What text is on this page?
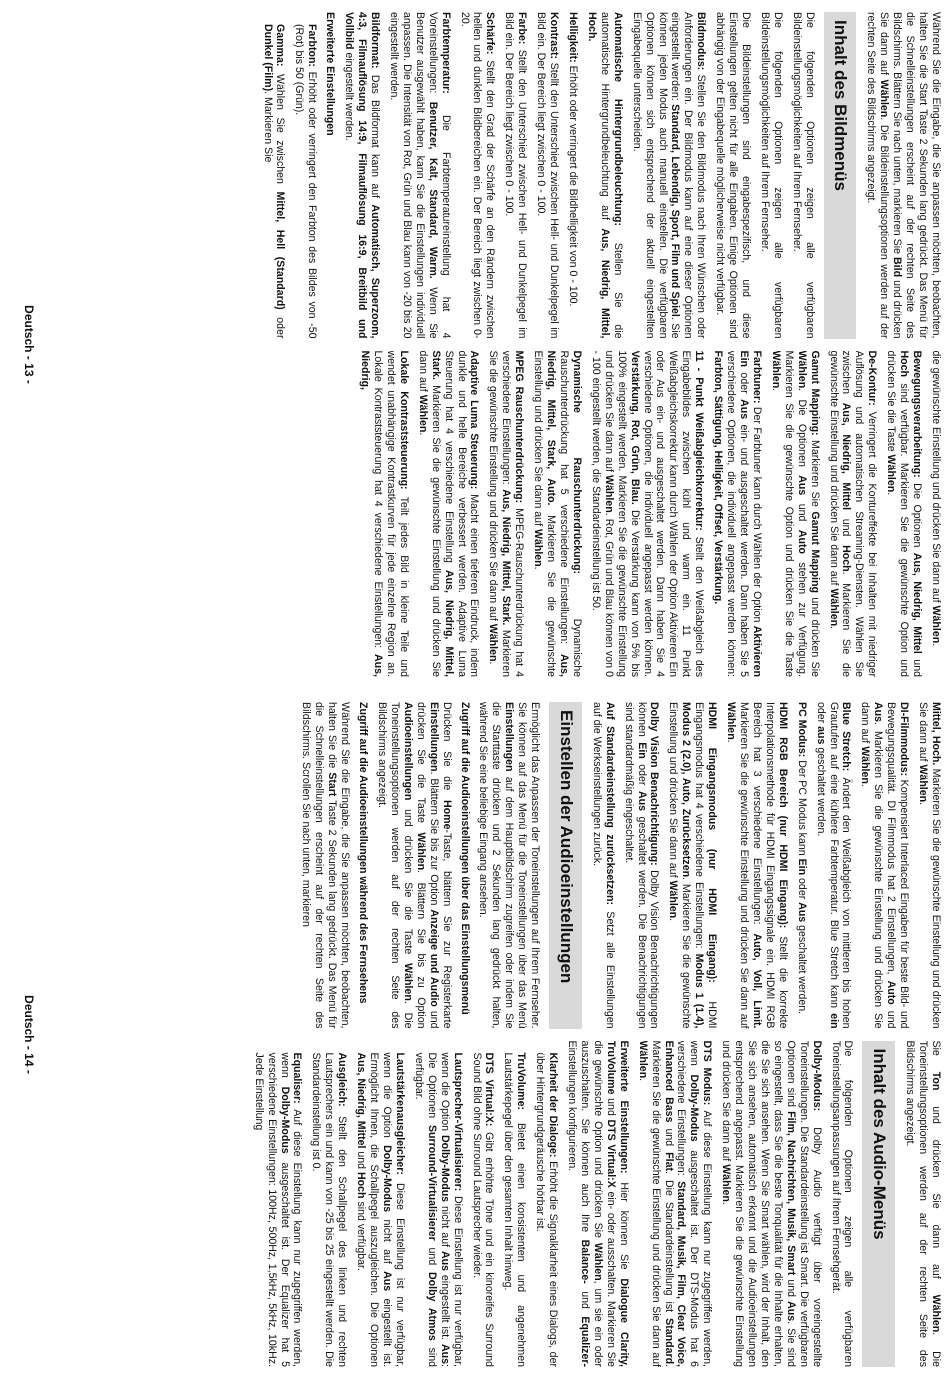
Während Sie die Eingabe, die Sie anpassen möchten, beobachten, halten Sie die Start Taste 2 Sekunden lang gedrückt. Das Menü für die Schnelleinstellungen erscheint auf der rechten Seite des Bildschirms. Blättern Sie nach unten, markieren Sie Bild und drücken Sie dann auf Wählen. Die Bildeinstellungsoptionen werden auf der rechten Seite des Bildschirms angezeigt.

Inhalt des Bildmenüs

Die folgenden Optionen zeigen alle verfügbaren Bildeinstellungsmöglichkeiten auf Ihrem Fernseher.

Die folgenden Optionen zeigen alle verfügbaren Bildeinstellungsmöglichkeiten auf Ihrem Fernseher.

Die Bildeinstellungen sind eingabespezifisch, und diese Einstellungen gelten nicht für alle Eingaben. Einige Optionen sind abhängig von der Eingabequelle möglicherweise nicht verfügbar.

Bildmodus: Stellen Sie den Bildmodus nach Ihren Wünschen oder Anforderungen ein. Der Bildmodus kann auf eine dieser Optionen eingestellt werden: Standard, Lebendig, Sport, Film und Spiel. Sie können jeden Modus auch manuell einstellen. Die verfügbaren Optionen können sich entsprechend der aktuell eingestellten Eingabequelle unterscheiden.

Automatische Hintergrundbeleuchtung: Stellen Sie die automatische Hintergrundbeleuchtung auf Aus, Niedrig, Mittel, Hoch.

Helligkeit: Erhöht oder verringert die Bildhelligkeit von 0 - 100.

Kontrast: Stellt den Unterschied zwischen Hell- und Dunkelpegel im Bild ein. Der Bereich liegt zwischen 0 - 100.

Farbe: Stellt den Unterschied zwischen Hell- und Dunkelpegel im Bild ein. Der Bereich liegt zwischen 0 - 100.

Schärfe: Stellt den Grad der Schärfe an den Rändern zwischen hellen und dunklen Bildbereichen ein. Der Bereich liegt zwischen 0- 20.

Farbtemperatur: Die Farbtemperatureinstellung hat 4 Voreinstellungen: Benutzer, Kalt, Standard, Warm. Wenn Sie Benutzer ausgewählt haben, kann Sie die Einstellungen individuell anpassen. Die Intensität von Rot, Grün und Blau kann von -20 bis 20 eingestellt werden.

Bildformat: Das Bildformat kann auf Automatisch, Superzoom, 4:3, Filmauflösung 14:9, Filmauflösung 16:9, Breitbild und Vollbild eingestellt werden.

Erweiterte Einstellungen

Farbton: Erhöht oder verringert den Farbton des Bildes von -50 (Rot) bis 50 (Grün).

Gamma: Wählen Sie zwischen Mittel, Hell (Standard) oder Dunkel (Film). Markieren Sie

die gewünschte Einstellung und drücken Sie dann auf Wählen.

Bewegungsverarbeitung: Die Optionen Aus, Niedrig, Mittel und Hoch sind verfügbar. Markieren Sie die gewünschte Option und drücken Sie die Taste Wählen.

De-Kontur: Verringert die Kontureffekte bei Inhalten mit niedriger Auflösung und automatischen Streaming-Diensten. Wählen Sie zwischen Aus, Niedrig, Mittel und Hoch. Markieren Sie die gewünschte Einstellung und drücken Sie dann auf Wählen.

Gamut Mapping: Markieren Sie Gamut Mapping und drücken Sie Wählen. Die Optionen Aus und Auto stehen zur Verfügung. Markieren Sie die gewünschte Option und drücken Sie die Taste Wählen.

Farbtuner: Der Farbtuner kann durch Wählen der Option Aktivieren Ein oder Aus ein- und ausgeschaltet werden. Dann haben Sie 5 verschiedene Optionen, die individuell angepasst werden können: Farbton, Sättigung, Helligkeit, Offset, Verstärkung.

11 - Punkt Weißabgleichkorrektur: Stellt den Weißabgleich des Eingabebildes zwischen kühl und warm ein. 11 Punkt Weißabgleichskorrektur kann durch Wählen der Option Aktivieren Ein oder Aus ein- und ausgeschaltet werden. Dann haben Sie 4 verschiedene Optionen, die individuell angepasst werden können. Verstärkung, Rot, Grün, Blau. Die Verstärkung kann von 5% bis 100% eingestellt werden. Markieren Sie die gewünschte Einstellung und drücken Sie dann auf Wählen. Rot, Grün und Blau können von 0 - 100 eingestellt werden, die Standardeinstellung ist 50.

Dynamische Rauschunterdrückung: Dynamische Rauschunterdrückung hat 5 verschiedene Einstellungen: Aus, Niedrig, Mittel, Stark, Auto. Markieren Sie die gewünschte Einstellung und drücken Sie dann auf Wählen.

MPEG Rauschunterdrückung: MPEG-Rauschunterdrückung hat 4 verschiedene Einstellungen: Aus, Niedrig, Mittel, Stark. Markieren Sie die gewünschte Einstellung und drücken Sie dann auf Wählen.

Adaptive Luma Steuerung: Macht einen tieferen Eindruck, indem dunkle und helle Bereiche verbessert werden. Adaptive Luma Steuerung hat 4 verschiedene Einstellung Aus, Niedrig, Mittel, Stark. Markieren Sie die gewünschte Einstellung und drücken Sie dann auf Wählen.

Lokale Kontraststeuerung: Teilt jedes Bild in kleine Teile und wendet unabhängige Kontrastkurven für jede einzelne Region an. Lokale Kontraststeuerung hat 4 verschiedene Einstellungen: Aus, Niedrig,

Deutsch - 13 -

Mittel, Hoch. Markieren Sie die gewünschte Einstellung und drücken Sie dann auf Wählen.

DI-Filmmodus: Kompensiert Interlaced Eingaben für beste Bild- und Bewegungsqualität. DI Filmmodus hat 2 Einstellungen, Auto und Aus. Markieren Sie die gewünschte Einstellung und drücken Sie dann auf Wählen.

Blue Stretch: Ändert den Weißabgleich von mittleren bis hohen Grautufen auf eine kühlere Farbtemperatur. Blue Stretch kann ein oder aus geschaltet werden.

PC Modus: Der PC Modus kann Ein oder Aus geschaltet werden.

HDMI RGB Bereich (nur HDMI Eingang): Stellt die korrekte Interpolationsmethode für HDMI Eingangssignale ein. HDMI RGB Bereich hat 3 verschiedene Einstellungen: Auto, Voll, Limit. Markieren Sie die gewünschte Einstellung und drücken Sie dann auf Wählen.

HDMI Eingangsmodus (nur HDMI Eingang): HDMI Eingangsmodus hat 4 verschiedene Einstellungen: Modus 1 (1.4), Modus 2 (2.0), Auto, Zurücksetzen. Markieren Sie die gewünschte Einstellung und drücken Sie dann auf Wählen.

Dolby Vision Benachrichtigung: Dolby Vision Benachrichtigungen können Ein oder Aus geschaltet werden. Die Benachrichtigungen sind standardmäßig eingeschaltet.

Auf Standardeinstellung zurücksetzen: Setzt alle Einstellungen auf die Werkseinstellungen zurück.

Einstellen der Audioeinstellungen

Ermöglicht das Anpassen der Toneinstellungen auf Ihrem Fernseher. Sie können auf das Menü für die Toneinstellungen über das Menü Einstellungen auf dem Hauptbildschirm zugreifen oder indem Sie die Starttaste drücken und 2 Sekunden lang gedrückt halten, während Sie eine beliebige Eingang ansehen.

Zugriff auf die Audioeinstellungen über das Einstellungsmenü

Drücken Sie die Home-Taste, blättern Sie zur Registerkarte Einstellungen. Blättern Sie bis zur Option Anzeige und Audio und drücken Sie die Taste Wählen. Blättern Sie bis zu Option Audioeinstellungen und drücken Sie die Taste Wählen. Die Toneinstellungsoptionen werden auf der rechten Seite des Bildschirms angezeigt.

Zugriff auf die Audioeinstellungen während des Fernsehens

Während Sie die Eingabe, die Sie anpassen möchten, beobachten, halten Sie die Start Taste 2 Sekunden lang gedrückt. Das Menü für die Schnelleinstellungen erscheint auf der rechten Seite des Bildschirms. Scrollen Sie nach unten, markieren

Sie Ton und drücken Sie dann auf Wählen. Die Toneinstellungsoptionen werden auf der rechten Seite des Bildschirms angezeigt.

Inhalt des Audio-Menüs

Die folgenden Optionen zeigen alle verfügbaren Toneinstellungsanpassungen auf Ihrem Fernsehgerät.

Dolby-Modus: Dolby Audio verfügt über voreingestellte Toneinstellungen. Die Standardeinstellung ist Smart. Die verfügbaren Optionen sind Film, Nachrichten, Musik, Smart und Aus. Sie sind so eingestellt, dass Sie die beste Tonqualität für die Inhalte erhalten, die Sie sich ansehen. Wenn Sie Smart wählen, wird der Inhalt, den Sie sich ansehen, automatisch erkannt und die Audioeinstellungen entsprechend angepasst. Markieren Sie die gewünschte Einstellung und drücken Sie dann auf Wählen.

DTS Modus: Auf diese Einstellung kann nur zugegriffen werden, wenn Dolby-Modus ausgeschaltet ist. Der DTS-Modus hat 6 verschiedene Einstellungen: Standard, Musik, Film, Clear Voice, Enhanced Bass und Flat. Die Standardeinstellung ist Standard. Markieren Sie die gewünschte Einstellung und drücken Sie dann auf Wählen.

Erweiterte Einstellungen: Hier können Sie Dialogue Clarity, TruVolume und DTS Virtual:X ein- oder ausschalten. Markieren Sie die gewünschte Option und drücken Sie Wählen, um sie ein oder auszuschalten. Sie können auch Ihre Balance- und Equalizer-Einstellungen konfigurieren.

Klarheit der Dialoge: Erhöht die Signalklarheit eines Dialogs, der über Hintergrundgeräusche hörbar ist.

TruVolume: Bietet einen konsistenten und angenehmen Lautstärkepegel über den gesamten Inhalt hinweg.

DTS Virtual:X: Gibt erhöhte Töne und ein kinoreifes Surround Sound Bild ohne Surround Lautsprecher wieder.

Lautsprecher-Virtualisierer: Diese Einstellung ist nur verfügbar, wenn die Option Dolby-Modus nicht auf Aus eingestellt ist. Aus: Die Optionen Surround-Virtualisierer und Dolby Atmos sind verfügbar.

Lautstärkenausgleicher: Diese Einstellung ist nur verfügbar, wenn die Option Dolby-Modus nicht auf Aus eingestellt ist. Ermöglicht Ihnen, die Schallpegel auszugleichen. Die Optionen Aus, Niedrig, Mittel und Hoch sind verfügbar.

Ausgleich: Stellt den Schallpegel des linken und rechten Lautsprechers ein und kann von -25 bis 25 eingestellt werden. Die Standardeinstellung ist 0.

Equaliser: Auf diese Einstellung kann nur zugegriffen werden, wenn Dolby-Modus ausgeschaltet ist. Der Equalizer hat 5 verschiedene Einstellungen: 100Hz, 500Hz, 1,5kHz, 5kHz, 10kHz. Jede Einstellung

Deutsch - 14 -
